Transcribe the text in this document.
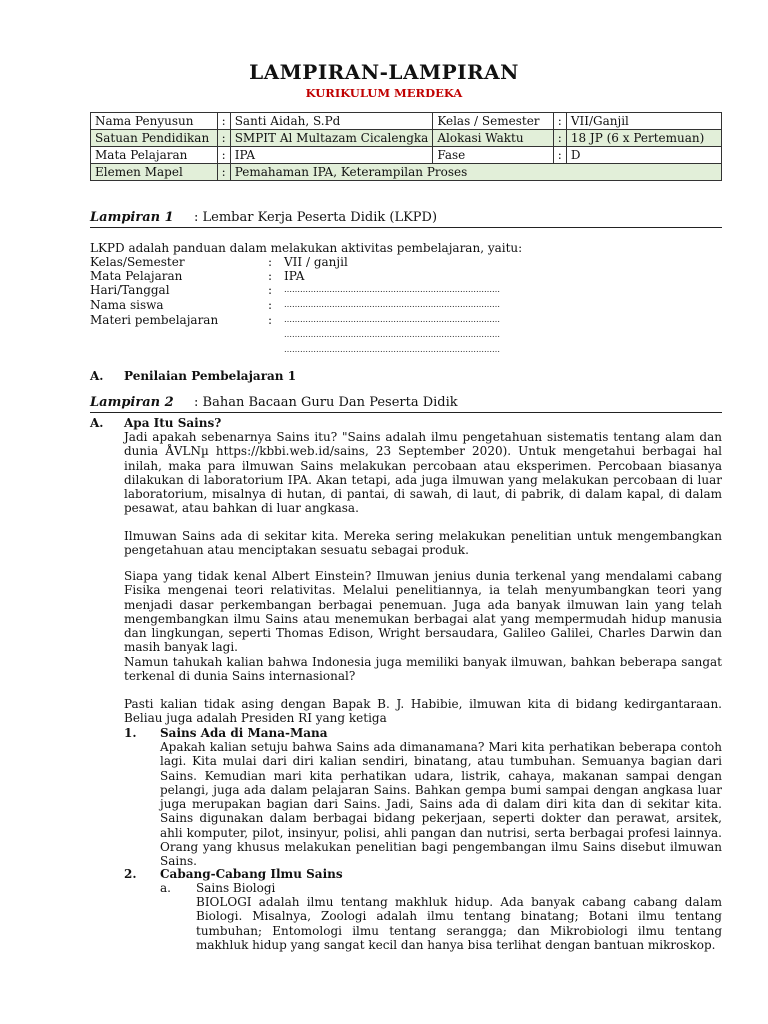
LAMPIRAN-LAMPIRAN
KURIKULUM MERDEKA
Nama Penyusun	:	Santi Aidah, S.Pd	Kelas / Semester	:	VII/Ganjil
Satuan Pendidikan	:	SMPIT Al Multazam Cicalengka	Alokasi Waktu	:	18 JP (6 x Pertemuan)
Mata Pelajaran	:	IPA	Fase	:	D
Elemen Mapel	:	Pemahaman IPA, Keterampilan Proses			
Lampiran 1 : Lembar Kerja Peserta Didik (LKPD)
LKPD adalah panduan dalam melakukan aktivitas pembelajaran, yaitu:
Kelas/Semester	: VII / ganjil
Mata Pelajaran	: IPA
Hari/Tanggal	: ………………………………………………………………………
Nama siswa	: ………………………………………………………………………
Materi pembelajaran	: ………………………………………………………………………
………………………………………………………………………
………………………………………………………………………
A. Penilaian Pembelajaran 1
Lampiran 2 : Bahan Bacaan Guru Dan Peserta Didik
A. Apa Itu Sains?
Jadi apakah sebenarnya Sains itu? "Sains adalah ilmu pengetahuan sistematis tentang alam dan dunia ÅVLNµ https://kbbi.web.id/sains, 23 September 2020). Untuk mengetahui berbagai hal inilah, maka para ilmuwan Sains melakukan percobaan atau eksperimen. Percobaan biasanya dilakukan di laboratorium IPA. Akan tetapi, ada juga ilmuwan yang melakukan percobaan di luar laboratorium, misalnya di hutan, di pantai, di sawah, di laut, di pabrik, di dalam kapal, di dalam pesawat, atau bahkan di luar angkasa.
Ilmuwan Sains ada di sekitar kita. Mereka sering melakukan penelitian untuk mengembangkan pengetahuan atau menciptakan sesuatu sebagai produk.
Siapa yang tidak kenal Albert Einstein? Ilmuwan jenius dunia terkenal yang mendalami cabang Fisika mengenai teori relativitas. Melalui penelitiannya, ia telah menyumbangkan teori yang menjadi dasar perkembangan berbagai penemuan. Juga ada banyak ilmuwan lain yang telah mengembangkan ilmu Sains atau menemukan berbagai alat yang mempermudah hidup manusia dan lingkungan, seperti Thomas Edison, Wright bersaudara, Galileo Galilei, Charles Darwin dan masih banyak lagi.
Namun tahukah kalian bahwa Indonesia juga memiliki banyak ilmuwan, bahkan beberapa sangat terkenal di dunia Sains internasional?
Pasti kalian tidak asing dengan Bapak B. J. Habibie, ilmuwan kita di bidang kedirgantaraan. Beliau juga adalah Presiden RI yang ketiga
1. Sains Ada di Mana-Mana
Apakah kalian setuju bahwa Sains ada dimanamana? Mari kita perhatikan beberapa contoh lagi. Kita mulai dari diri kalian sendiri, binatang, atau tumbuhan. Semuanya bagian dari Sains. Kemudian mari kita perhatikan udara, listrik, cahaya, makanan sampai dengan pelangi, juga ada dalam pelajaran Sains. Bahkan gempa bumi sampai dengan angkasa luar juga merupakan bagian dari Sains. Jadi, Sains ada di dalam diri kita dan di sekitar kita. Sains digunakan dalam berbagai bidang pekerjaan, seperti dokter dan perawat, arsitek, ahli komputer, pilot, insinyur, polisi, ahli pangan dan nutrisi, serta berbagai profesi lainnya. Orang yang khusus melakukan penelitian bagi pengembangan ilmu Sains disebut ilmuwan Sains.
2. Cabang-Cabang Ilmu Sains
a. Sains Biologi
BIOLOGI adalah ilmu tentang makhluk hidup. Ada banyak cabang cabang dalam Biologi. Misalnya, Zoologi adalah ilmu tentang binatang; Botani ilmu tentang tumbuhan; Entomologi ilmu tentang serangga; dan Mikrobiologi ilmu tentang makhluk hidup yang sangat kecil dan hanya bisa terlihat dengan bantuan mikroskop.
